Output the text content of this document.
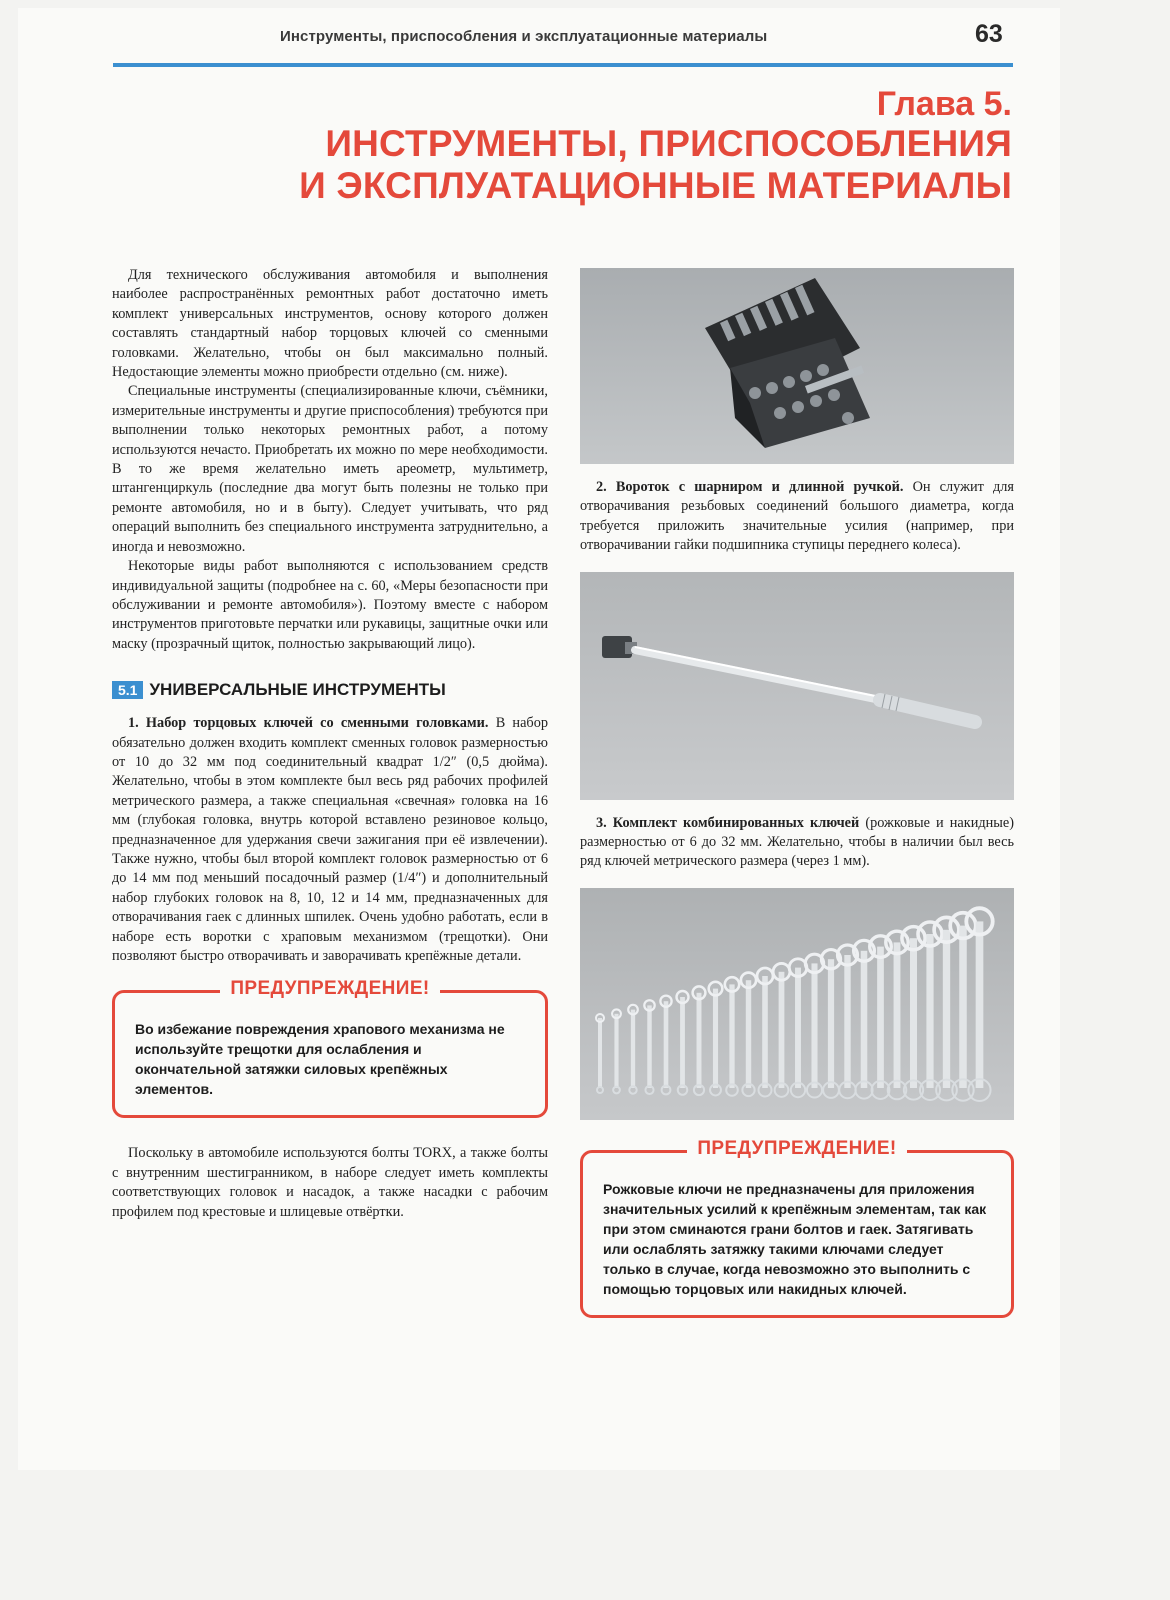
Инструменты, приспособления и эксплуатационные материалы	63
Глава 5.
ИНСТРУМЕНТЫ, ПРИСПОСОБЛЕНИЯ
И ЭКСПЛУАТАЦИОННЫЕ МАТЕРИАЛЫ

Для технического обслуживания автомобиля и выполнения наиболее распространённых ремонтных работ достаточно иметь комплект универсальных инструментов, основу которого должен составлять стандартный набор торцовых ключей со сменными головками. Желательно, чтобы он был максимально полный. Недостающие элементы можно приобрести отдельно (см. ниже).

Специальные инструменты (специализированные ключи, съёмники, измерительные инструменты и другие приспособления) требуются при выполнении только некоторых ремонтных работ, а потому используются нечасто. Приобретать их можно по мере необходимости. В то же время желательно иметь ареометр, мультиметр, штангенциркуль (последние два могут быть полезны не только при ремонте автомобиля, но и в быту). Следует учитывать, что ряд операций выполнить без специального инструмента затруднительно, а иногда и невозможно.

Некоторые виды работ выполняются с использованием средств индивидуальной защиты (подробнее на с. 60, «Меры безопасности при обслуживании и ремонте автомобиля»). Поэтому вместе с набором инструментов приготовьте перчатки или рукавицы, защитные очки или маску (прозрачный щиток, полностью закрывающий лицо).

5.1 УНИВЕРСАЛЬНЫЕ ИНСТРУМЕНТЫ

1. Набор торцовых ключей со сменными головками. В набор обязательно должен входить комплект сменных головок размерностью от 10 до 32 мм под соединительный квадрат 1/2″ (0,5 дюйма). Желательно, чтобы в этом комплекте был весь ряд рабочих профилей метрического размера, а также специальная «свечная» головка на 16 мм (глубокая головка, внутрь которой вставлено резиновое кольцо, предназначенное для удержания свечи зажигания при её извлечении). Также нужно, чтобы был второй комплект головок размерностью от 6 до 14 мм под меньший посадочный размер (1/4″) и дополнительный набор глубоких головок на 8, 10, 12 и 14 мм, предназначенных для отворачивания гаек с длинных шпилек. Очень удобно работать, если в наборе есть воротки с храповым механизмом (трещотки). Они позволяют быстро отворачивать и заворачивать крепёжные детали.

ПРЕДУПРЕЖДЕНИЕ!
Во избежание повреждения храпового механизма не используйте трещотки для ослабления и окончательной затяжки силовых крепёжных элементов.

Поскольку в автомобиле используются болты TORX, а также болты с внутренним шестигранником, в наборе следует иметь комплекты соответствующих головок и насадок, а также насадки с рабочим профилем под крестовые и шлицевые отвёртки.

2. Вороток с шарниром и длинной ручкой. Он служит для отворачивания резьбовых соединений большого диаметра, когда требуется приложить значительные усилия (например, при отворачивании гайки подшипника ступицы переднего колеса).

3. Комплект комбинированных ключей (рожковые и накидные) размерностью от 6 до 32 мм. Желательно, чтобы в наличии был весь ряд ключей метрического размера (через 1 мм).

ПРЕДУПРЕЖДЕНИЕ!
Рожковые ключи не предназначены для приложения значительных усилий к крепёжным элементам, так как при этом сминаются грани болтов и гаек. Затягивать или ослаблять затяжку такими ключами следует только в случае, когда невозможно это выполнить с помощью торцовых или накидных ключей.
